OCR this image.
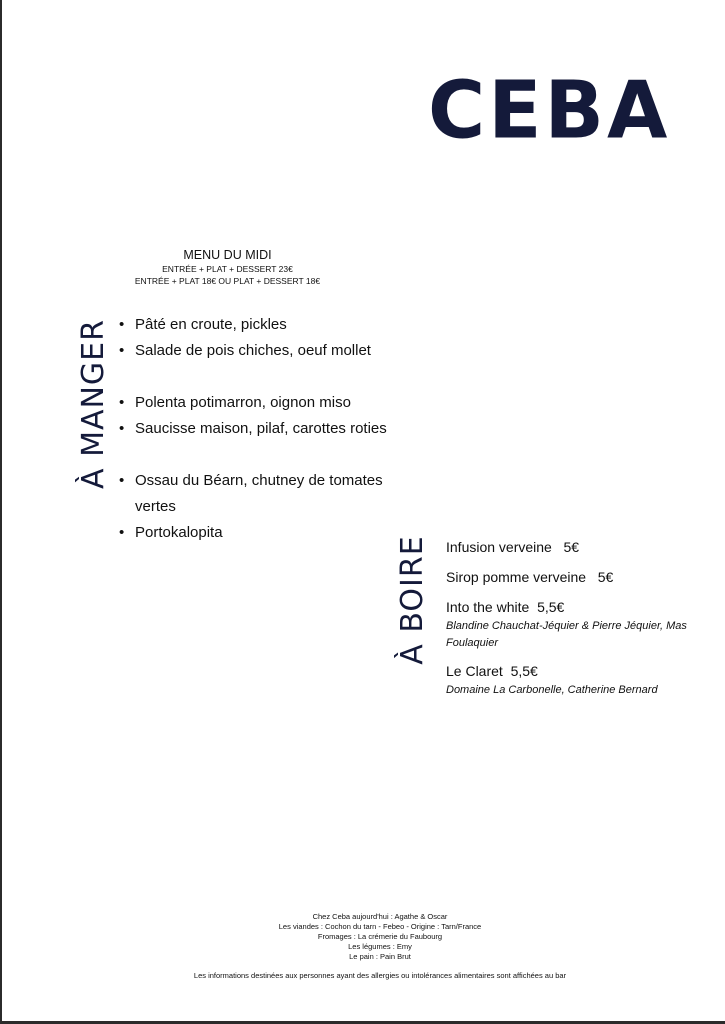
CEBA
MENU DU MIDI
ENTRÉE + PLAT + DESSERT 23€
ENTRÉE + PLAT 18€ OU PLAT + DESSERT 18€
À MANGER • Pâté en croute, pickles
• Salade de pois chiches, oeuf mollet
• Polenta potimarron, oignon miso
• Saucisse maison, pilaf, carottes roties
• Ossau du Béarn, chutney de tomates vertes
• Portokalopita
À BOIRE Infusion verveine 5€
Sirop pomme verveine 5€
Into the white 5,5€
Blandine Chauchat-Jéquier & Pierre Jéquier, Mas Foulaquier
Le Claret 5,5€
Domaine La Carbonelle, Catherine Bernard
Chez Ceba aujourd'hui : Agathe & Oscar
Les viandes : Cochon du tarn - Febeo - Origine : Tarn/France
Fromages : La crémerie du Faubourg
Les légumes : Emy
Le pain : Pain Brut
Les informations destinées aux personnes ayant des allergies ou intolérances alimentaires sont affichées au bar
